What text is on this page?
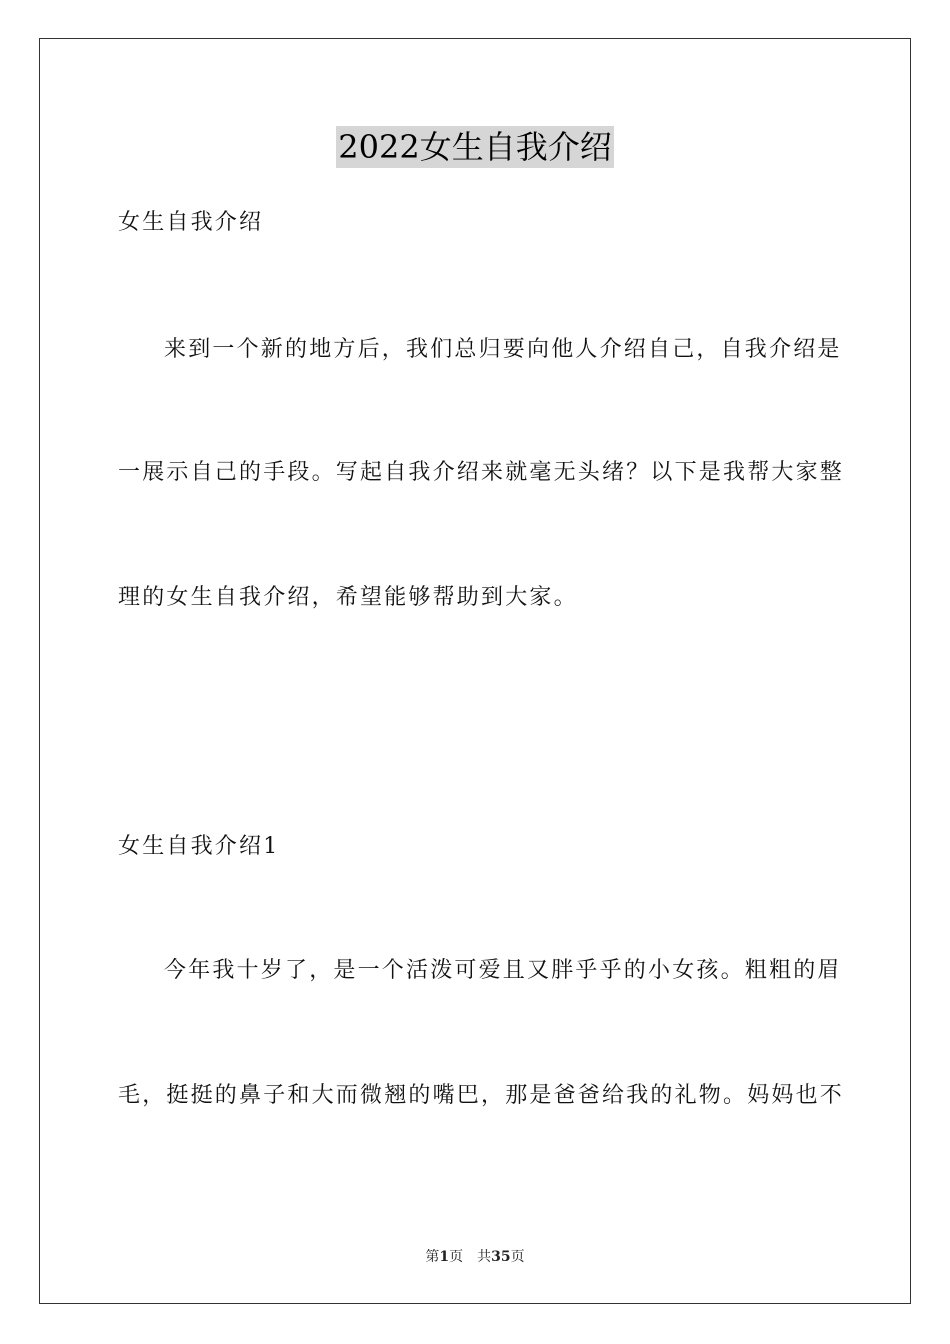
2022女生自我介绍
女生自我介绍
来到一个新的地方后，我们总归要向他人介绍自己，自我介绍是
一展示自己的手段。写起自我介绍来就毫无头绪？以下是我帮大家整
理的女生自我介绍，希望能够帮助到大家。
女生自我介绍1
今年我十岁了，是一个活泼可爱且又胖乎乎的小女孩。粗粗的眉
毛，挺挺的鼻子和大而微翘的嘴巴，那是爸爸给我的礼物。妈妈也不
第1页 共35页
